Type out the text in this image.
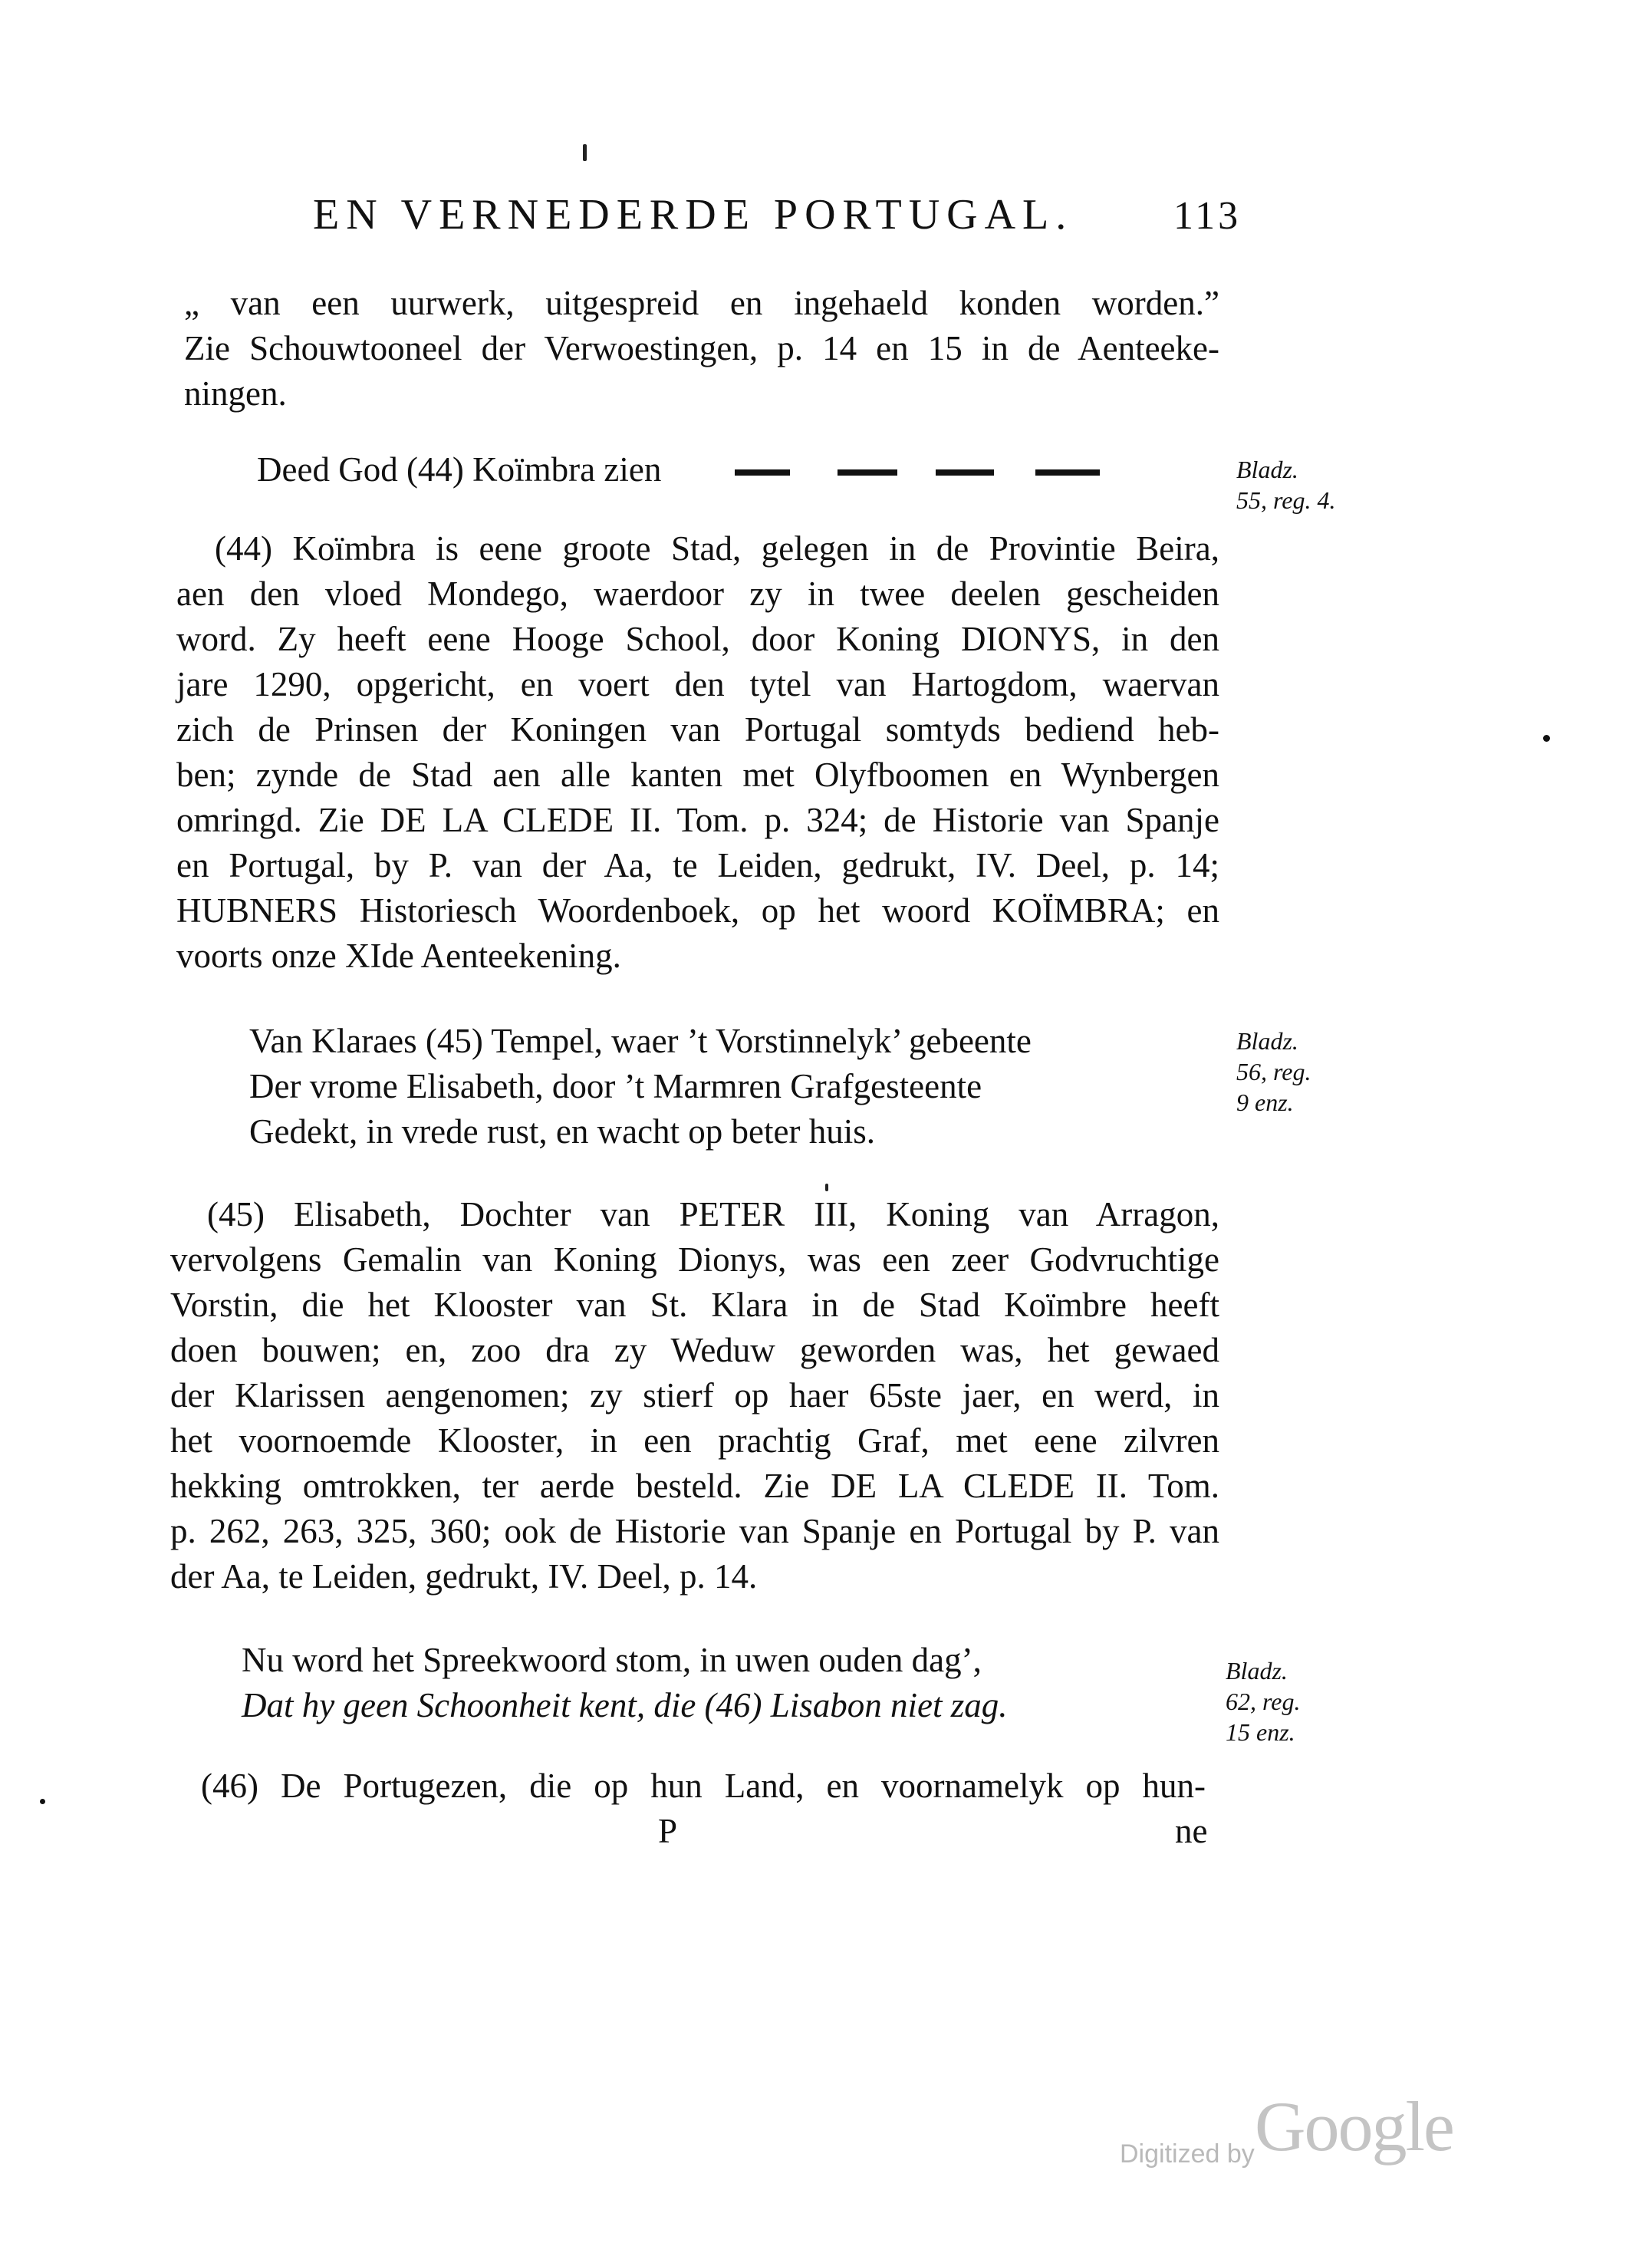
EN VERNEDERDE PORTUGAL.	113
„ van een uurwerk, uitgespreid en ingehaeld konden worden.”
Zie Schouwtooneel der Verwoestingen, p. 14 en 15 in de Aenteeke-
ningen.
Deed God (44) Koïmbra zien	Bladz.
55, reg. 4.
(44) Koïmbra is eene groote Stad, gelegen in de Provintie Beira,
aen den vloed Mondego, waerdoor zy in twee deelen gescheiden
word. Zy heeft eene Hooge School, door Koning DIONYS, in den
jare 1290, opgericht, en voert den tytel van Hartogdom, waervan
zich de Prinsen der Koningen van Portugal somtyds bediend heb-
ben; zynde de Stad aen alle kanten met Olyfboomen en Wynbergen
omringd. Zie DE LA CLEDE II. Tom. p. 324; de Historie van Spanje
en Portugal, by P. van der Aa, te Leiden, gedrukt, IV. Deel, p. 14;
HUBNERS Historiesch Woordenboek, op het woord KOÏMBRA; en
voorts onze XIde Aenteekening.
Van Klaraes (45) Tempel, waer ’t Vorstinnelyk’ gebeente
Der vrome Elisabeth, door ’t Marmren Grafgesteente
Gedekt, in vrede rust, en wacht op beter huis.
Bladz.
56, reg.
9 enz.
(45) Elisabeth, Dochter van PETER III, Koning van Arragon,
vervolgens Gemalin van Koning Dionys, was een zeer Godvruchtige
Vorstin, die het Klooster van St. Klara in de Stad Koïmbre heeft
doen bouwen; en, zoo dra zy Weduw geworden was, het gewaed
der Klarissen aengenomen; zy stierf op haer 65ste jaer, en werd, in
het voornoemde Klooster, in een prachtig Graf, met eene zilvren
hekking omtrokken, ter aerde besteld. Zie DE LA CLEDE II. Tom.
p. 262, 263, 325, 360; ook de Historie van Spanje en Portugal by P. van
der Aa, te Leiden, gedrukt, IV. Deel, p. 14.
Nu word het Spreekwoord stom, in uwen ouden dag’,
Dat hy geen Schoonheit kent, die (46) Lisabon niet zag.
Bladz.
62, reg.
15 enz.
(46) De Portugezen, die op hun Land, en voornamelyk op hun-
P	ne
Digitized by Google
